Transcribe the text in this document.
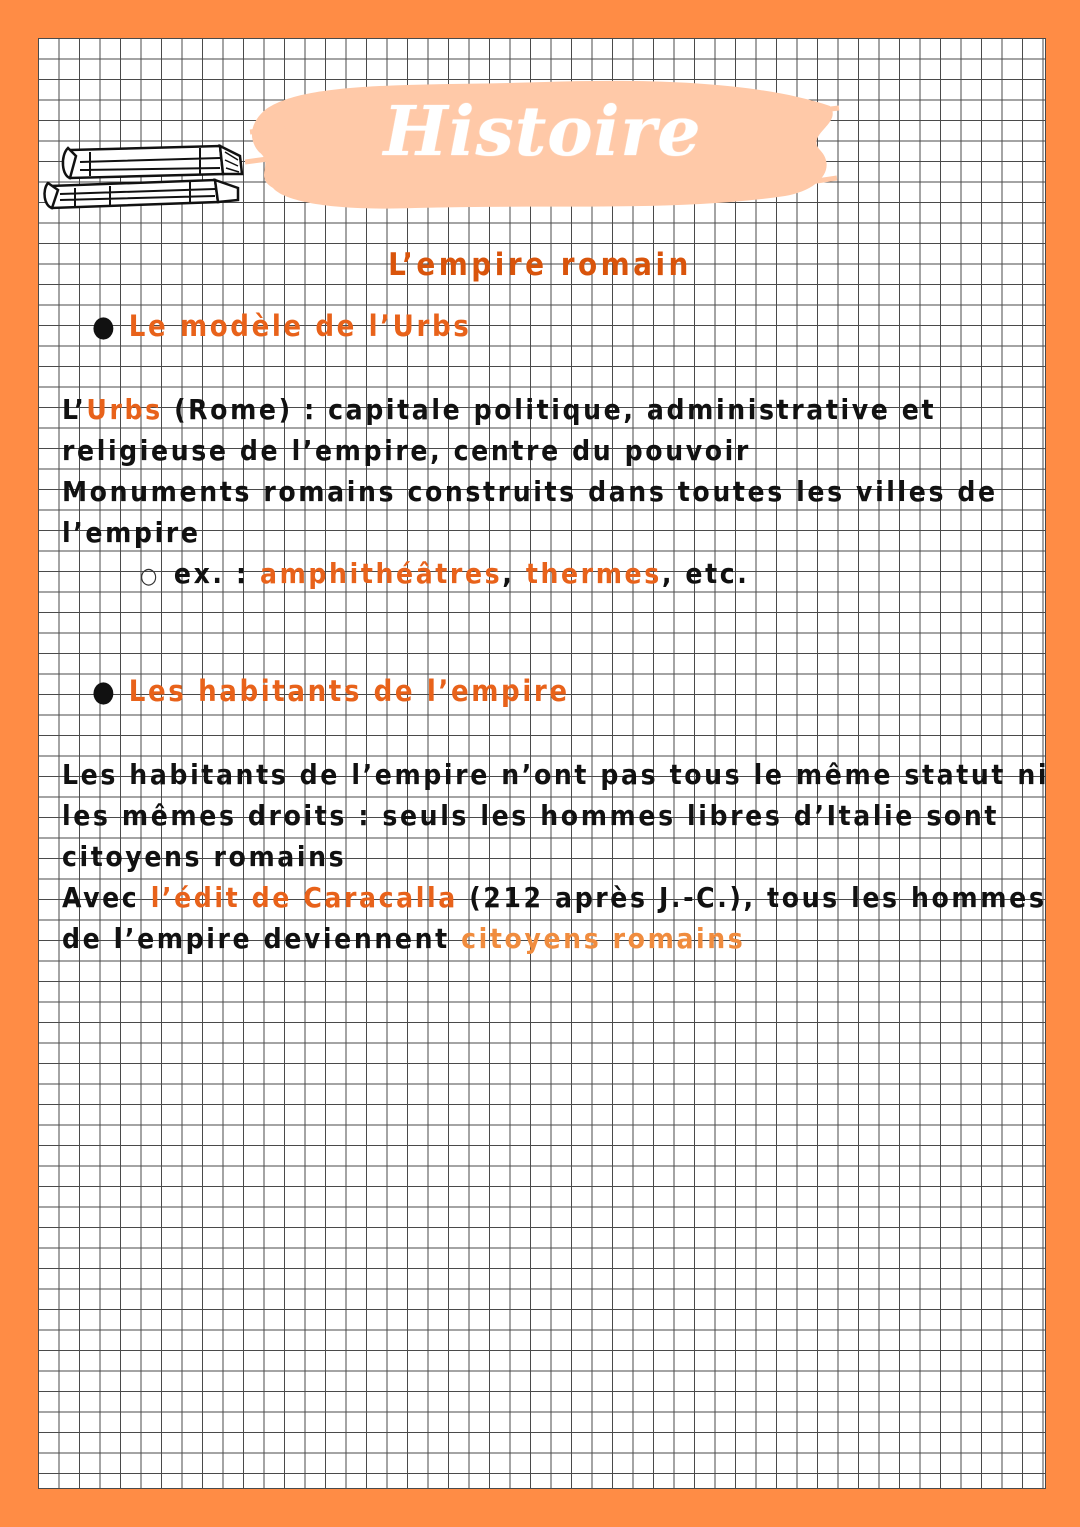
Histoire
L’empire romain
● Le modèle de l’Urbs
L’Urbs (Rome) : capitale politique, administrative et
religieuse de l’empire, centre du pouvoir
Monuments romains construits dans toutes les villes de
l’empire
○ ex. : amphithéâtres, thermes, etc.
● Les habitants de l’empire
Les habitants de l’empire n’ont pas tous le même statut ni
les mêmes droits : seuls les hommes libres d’Italie sont
citoyens romains
Avec l’édit de Caracalla (212 après J.-C.), tous les hommes
de l’empire deviennent citoyens romains
